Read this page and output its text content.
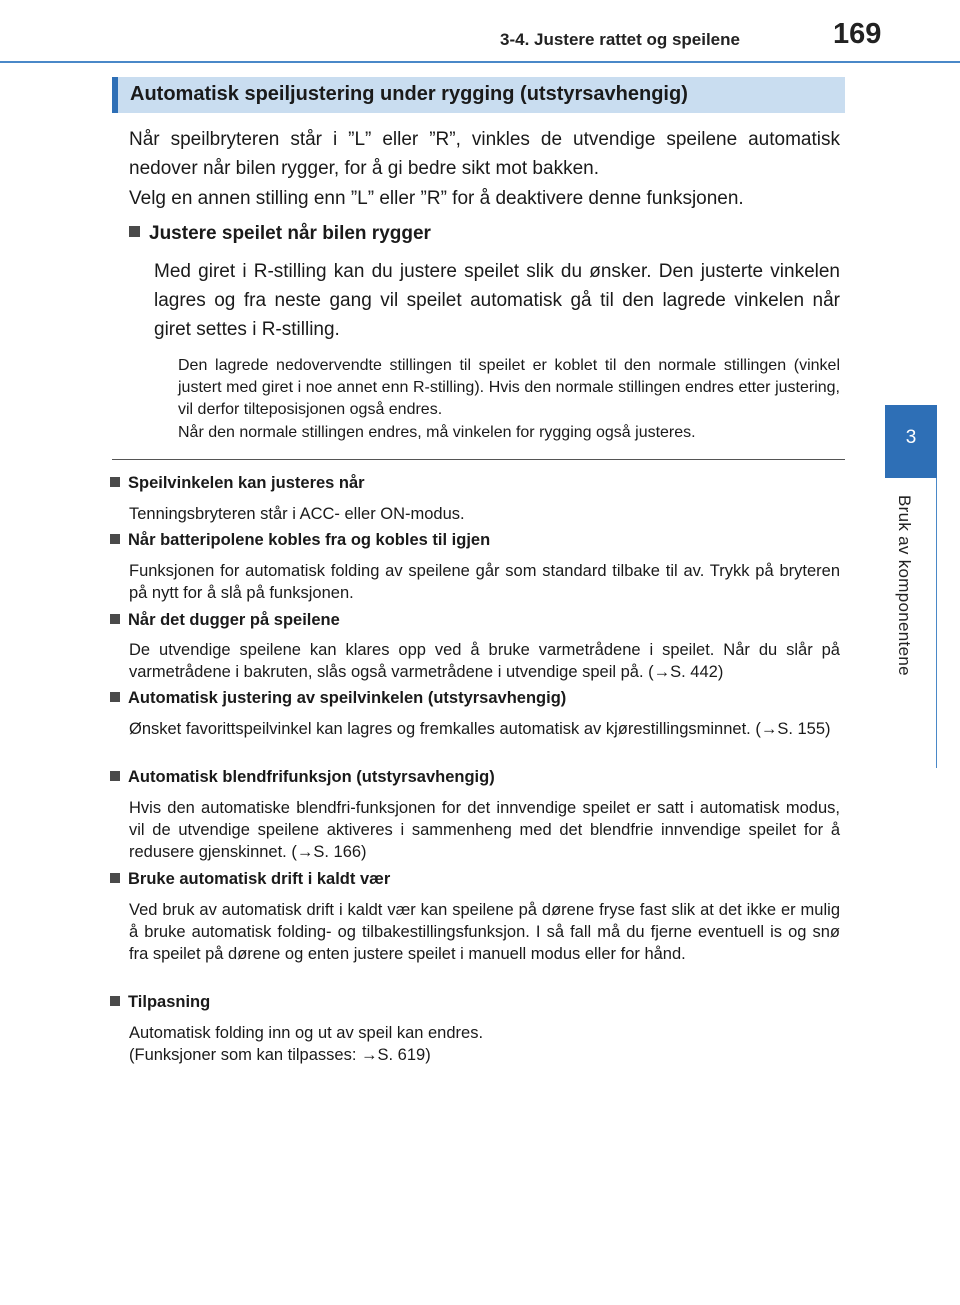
3-4. Justere rattet og speilene	169
3
Bruk av komponentene
Automatisk speiljustering under rygging (utstyrsavhengig)
Når speilbryteren står i ”L” eller ”R”, vinkles de utvendige speilene automatisk nedover når bilen rygger, for å gi bedre sikt mot bakken.
Velg en annen stilling enn ”L” eller ”R” for å deaktivere denne funksjonen.
Justere speilet når bilen rygger
Med giret i R-stilling kan du justere speilet slik du ønsker. Den justerte vinkelen lagres og fra neste gang vil speilet automatisk gå til den lagrede vinkelen når giret settes i R-stilling.
Den lagrede nedovervendte stillingen til speilet er koblet til den normale stillingen (vinkel justert med giret i noe annet enn R-stilling). Hvis den normale stillingen endres etter justering, vil derfor tilteposisjonen også endres.
Når den normale stillingen endres, må vinkelen for rygging også justeres.
Speilvinkelen kan justeres når
Tenningsbryteren står i ACC- eller ON-modus.
Når batteripolene kobles fra og kobles til igjen
Funksjonen for automatisk folding av speilene går som standard tilbake til av. Trykk på bryteren på nytt for å slå på funksjonen.
Når det dugger på speilene
De utvendige speilene kan klares opp ved å bruke varmetrådene i speilet. Når du slår på varmetrådene i bakruten, slås også varmetrådene i utvendige speil på. (→S. 442)
Automatisk justering av speilvinkelen (utstyrsavhengig)
Ønsket favorittspeilvinkel kan lagres og fremkalles automatisk av kjørestillingsminnet. (→S. 155)
Automatisk blendfrifunksjon (utstyrsavhengig)
Hvis den automatiske blendfri-funksjonen for det innvendige speilet er satt i automatisk modus, vil de utvendige speilene aktiveres i sammenheng med det blendfrie innvendige speilet for å redusere gjenskinnet. (→S. 166)
Bruke automatisk drift i kaldt vær
Ved bruk av automatisk drift i kaldt vær kan speilene på dørene fryse fast slik at det ikke er mulig å bruke automatisk folding- og tilbakestillingsfunksjon. I så fall må du fjerne eventuell is og snø fra speilet på dørene og enten justere speilet i manuell modus eller for hånd.
Tilpasning
Automatisk folding inn og ut av speil kan endres.
(Funksjoner som kan tilpasses: →S. 619)
